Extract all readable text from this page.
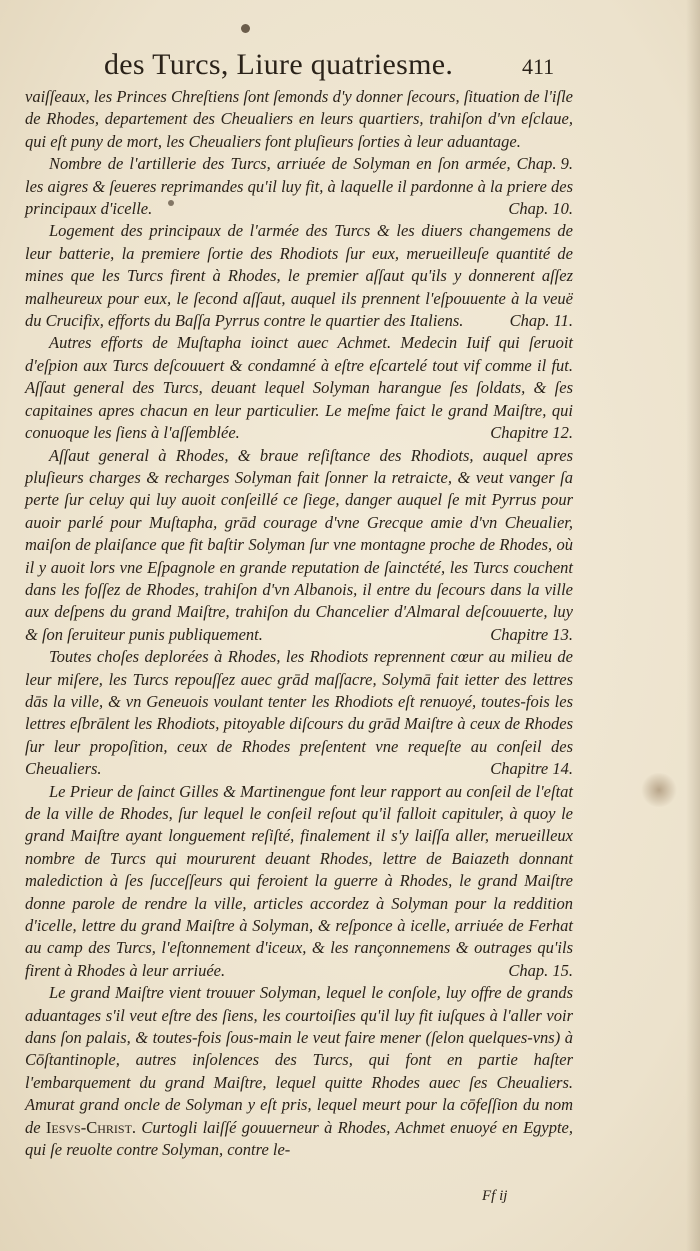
des Turcs, Liure quatriesme.	411

vaiſſeaux, les Princes Chreſtiens ſont ſemonds d'y donner ſecours, ſituation de l'iſle de Rhodes, departement des Cheualiers en leurs quartiers, trahiſon d'vn eſclaue, qui eſt puny de mort, les Cheualiers font pluſieurs ſorties à leur aduantage.
Chap. 9.

Nombre de l'artillerie des Turcs, arriuée de Solyman en ſon armée, les aigres & ſeueres reprimandes qu'il luy fit, à laquelle il pardonne à la priere des principaux d'icelle.	Chap. 10.

Logement des principaux de l'armée des Turcs & les diuers changemens de leur batterie, la premiere ſortie des Rhodiots ſur eux, merueilleuſe quantité de mines que les Turcs firent à Rhodes, le premier aſſaut qu'ils y donnerent aſſez malheureux pour eux, le ſecond aſſaut, auquel ils prennent l'eſpouuente à la veuë du Crucifix, efforts du Baſſa Pyrrus contre le quartier des Italiens.	Chap. 11.

Autres efforts de Muſtapha ioinct auec Achmet. Medecin Iuif qui ſeruoit d'eſpion aux Turcs deſcouuert & condamné à eſtre eſcartelé tout vif comme il fut. Aſſaut general des Turcs, deuant lequel Solyman harangue ſes ſoldats, & ſes capitaines apres chacun en leur particulier. Le meſme faict le grand Maiſtre, qui conuoque les ſiens à l'aſſemblée.	Chapitre 12.

Aſſaut general à Rhodes, & braue reſiſtance des Rhodiots, auquel apres pluſieurs charges & recharges Solyman fait ſonner la retraicte, & veut vanger ſa perte ſur celuy qui luy auoit conſeillé ce ſiege, danger auquel ſe mit Pyrrus pour auoir parlé pour Muſtapha, grād courage d'vne Grecque amie d'vn Cheualier, maiſon de plaiſance que fit baſtir Solyman ſur vne montagne proche de Rhodes, où il y auoit lors vne Eſpagnole en grande reputation de ſainctété, les Turcs couchent dans les foſſez de Rhodes, trahiſon d'vn Albanois, il entre du ſecours dans la ville aux deſpens du grand Maiſtre, trahiſon du Chancelier d'Almaral deſcouuerte, luy & ſon ſeruiteur punis publiquement.	Chapitre 13.

Toutes choſes deplorées à Rhodes, les Rhodiots reprennent cœur au milieu de leur miſere, les Turcs repouſſez auec grād maſſacre, Solymā fait ietter des lettres dās la ville, & vn Geneuois voulant tenter les Rhodiots eſt renuoyé, toutes-fois les lettres eſbrālent les Rhodiots, pitoyable diſcours du grād Maiſtre à ceux de Rhodes ſur leur propoſition, ceux de Rhodes preſentent vne requeſte au conſeil des Cheualiers.	Chapitre 14.

Le Prieur de ſainct Gilles & Martinengue font leur rapport au conſeil de l'eſtat de la ville de Rhodes, ſur lequel le conſeil reſout qu'il falloit capituler, à quoy le grand Maiſtre ayant longuement reſiſté, finalement il s'y laiſſa aller, merueilleux nombre de Turcs qui moururent deuant Rhodes, lettre de Baiazeth donnant malediction à ſes ſucceſſeurs qui feroient la guerre à Rhodes, le grand Maiſtre donne parole de rendre la ville, articles accordez à Solyman pour la reddition d'icelle, lettre du grand Maiſtre à Solyman, & reſponce à icelle, arriuée de Ferhat au camp des Turcs, l'eſtonnement d'iceux, & les rançonnemens & outrages qu'ils firent à Rhodes à leur arriuée.	Chap. 15.

Le grand Maiſtre vient trouuer Solyman, lequel le conſole, luy offre de grands aduantages s'il veut eſtre des ſiens, les courtoiſies qu'il luy fit iuſques à l'aller voir dans ſon palais, & toutes-fois ſous-main le veut faire mener (ſelon quelques-vns) à Cōſtantinople, autres inſolences des Turcs, qui font en partie haſter l'embarquement du grand Maiſtre, lequel quitte Rhodes auec ſes Cheualiers. Amurat grand oncle de Solyman y eſt pris, lequel meurt pour la cōfeſſion du nom de Iesvs-Christ. Curtogli laiſſé gouuerneur à Rhodes, Achmet enuoyé en Egypte, qui ſe reuolte contre Solyman, contre le-

Ff ij
